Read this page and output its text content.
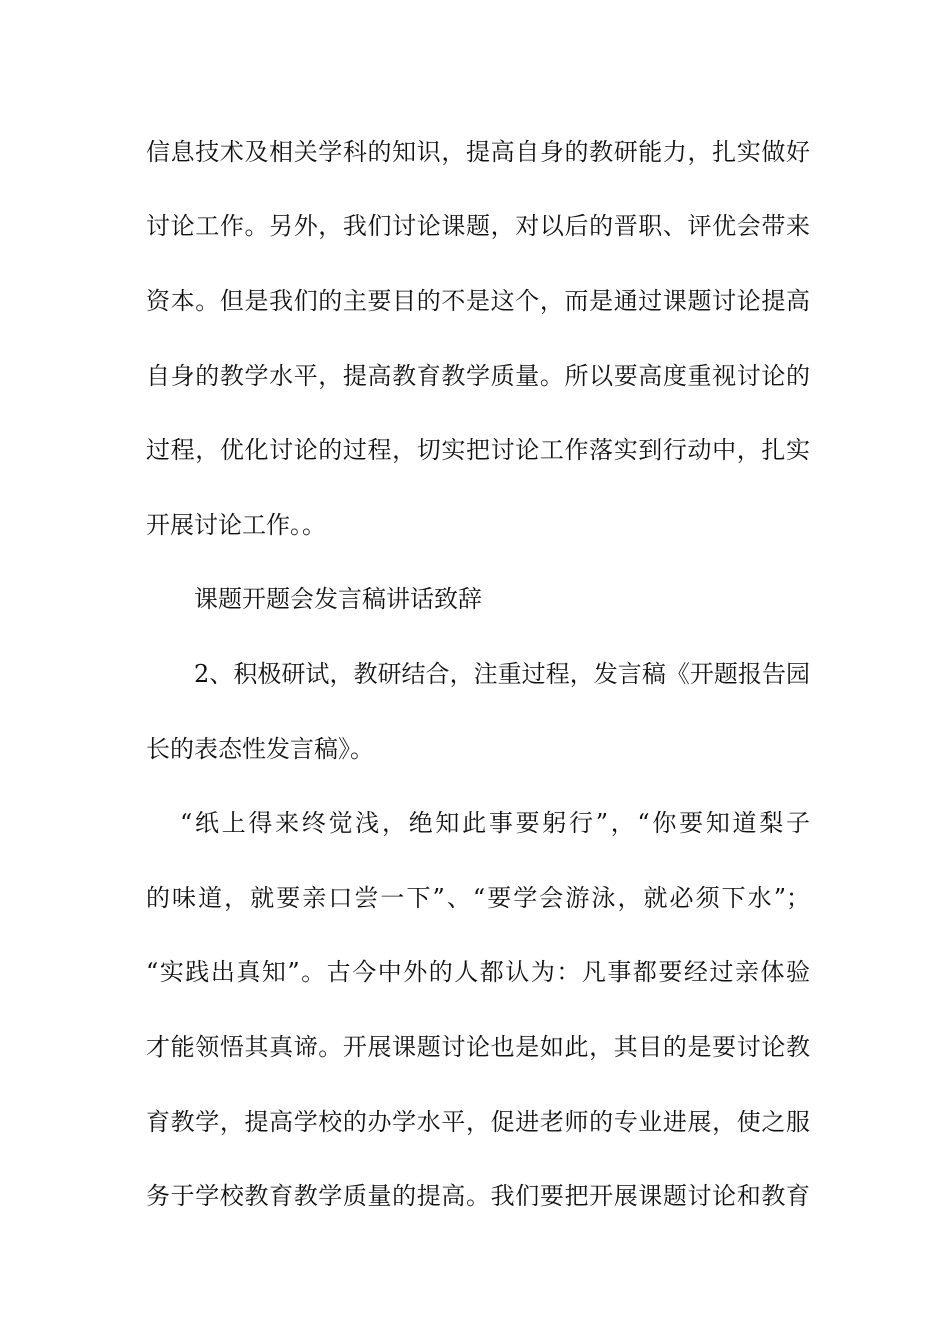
信息技术及相关学科的知识，提高自身的教研能力，扎实做好
讨论工作。另外，我们讨论课题，对以后的晋职、评优会带来
资本。但是我们的主要目的不是这个，而是通过课题讨论提高
自身的教学水平，提高教育教学质量。所以要高度重视讨论的
过程，优化讨论的过程，切实把讨论工作落实到行动中，扎实
开展讨论工作。。
课题开题会发言稿讲话致辞
2、积极研试，教研结合，注重过程，发言稿《开题报告园
长的表态性发言稿》。
“纸上得来终觉浅，绝知此事要躬行”，“你要知道梨子
的味道，就要亲口尝一下”、“要学会游泳，就必须下水”；
“实践出真知”。古今中外的人都认为：凡事都要经过亲体验
才能领悟其真谛。开展课题讨论也是如此，其目的是要讨论教
育教学，提高学校的办学水平，促进老师的专业进展，使之服
务于学校教育教学质量的提高。我们要把开展课题讨论和教育
